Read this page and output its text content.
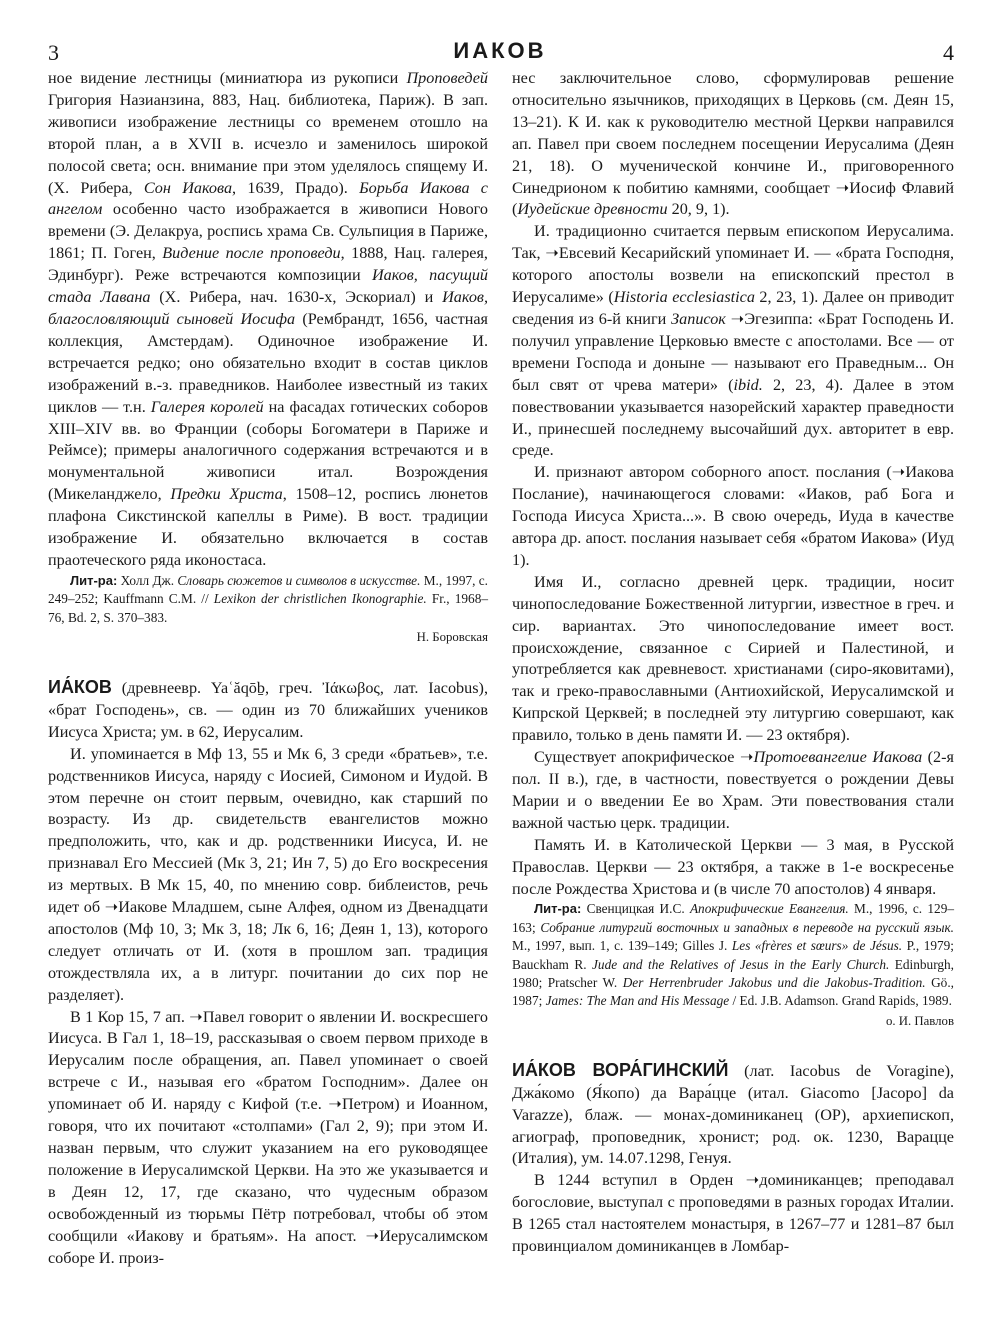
3	ИАКОВ	4

ное видение лестницы (миниатюра из рукописи Проповедей Григория Назианзина, 883, Нац. библиотека, Париж). В зап. живописи изображение лестницы со временем отошло на второй план, а в XVII в. исчезло и заменилось широкой полосой света; осн. внимание при этом уделялось спящему И. (Х. Рибера, Сон Иакова, 1639, Прадо). Борьба Иакова с ангелом особенно часто изображается в живописи Нового времени (Э. Делакруа, роспись храма Св. Сульпиция в Париже, 1861; П. Гоген, Видение после проповеди, 1888, Нац. галерея, Эдинбург). Реже встречаются композиции Иаков, пасущий стада Лавана (Х. Рибера, нач. 1630-х, Эскориал) и Иаков, благословляющий сыновей Иосифа (Рембрандт, 1656, частная коллекция, Амстердам). Одиночное изображение И. встречается редко; оно обязательно входит в состав циклов изображений в.-з. праведников. Наиболее известный из таких циклов — т.н. Галерея королей на фасадах готических соборов XIII–XIV вв. во Франции (соборы Богоматери в Париже и Реймсе); примеры аналогичного содержания встречаются и в монументальной живописи итал. Возрождения (Микеланджело, Предки Христа, 1508–12, роспись люнетов плафона Сикстинской капеллы в Риме). В вост. традиции изображение И. обязательно включается в состав праотеческого ряда иконостаса.

Лит-ра: Холл Дж. Словарь сюжетов и символов в искусстве. М., 1997, с. 249–252; Kauffmann C.M. // Lexikon der christlichen Ikonographie. Fr., 1968–76, Bd. 2, S. 370–383.

Н. Боровская

ИА́КОВ (древнеевр. Yaʿăqōḇ, греч. Ἰάκωβος, лат. Iacobus), «брат Господень», св. — один из 70 ближайших учеников Иисуса Христа; ум. в 62, Иерусалим.

И. упоминается в Мф 13, 55 и Мк 6, 3 среди «братьев», т.е. родственников Иисуса, наряду с Иосией, Симоном и Иудой. В этом перечне он стоит первым, очевидно, как старший по возрасту. Из др. свидетельств евангелистов можно предположить, что, как и др. родственники Иисуса, И. не признавал Его Мессией (Мк 3, 21; Ин 7, 5) до Его воскресения из мертвых. В Мк 15, 40, по мнению совр. библеистов, речь идет об ➝Иакове Младшем, сыне Алфея, одном из Двенадцати апостолов (Мф 10, 3; Мк 3, 18; Лк 6, 16; Деян 1, 13), которого следует отличать от И. (хотя в прошлом зап. традиция отождествляла их, а в литург. почитании до сих пор не разделяет).

В 1 Кор 15, 7 ап. ➝Павел говорит о явлении И. воскресшего Иисуса. В Гал 1, 18–19, рассказывая о своем первом приходе в Иерусалим после обращения, ап. Павел упоминает о своей встрече с И., называя его «братом Господним». Далее он упоминает об И. наряду с Кифой (т.е. ➝Петром) и Иоанном, говоря, что их почитают «столпами» (Гал 2, 9); при этом И. назван первым, что служит указанием на его руководящее положение в Иерусалимской Церкви. На это же указывается и в Деян 12, 17, где сказано, что чудесным образом освобожденный из тюрьмы Пётр потребовал, чтобы об этом сообщили «Иакову и братьям». На апост. ➝Иерусалимском соборе И. произ-

нес заключительное слово, сформулировав решение относительно язычников, приходящих в Церковь (см. Деян 15, 13–21). К И. как к руководителю местной Церкви направился ап. Павел при своем последнем посещении Иерусалима (Деян 21, 18). О мученической кончине И., приговоренного Синедрионом к побитию камнями, сообщает ➝Иосиф Флавий (Иудейские древности 20, 9, 1).

И. традиционно считается первым епископом Иерусалима. Так, ➝Евсевий Кесарийский упоминает И. — «брата Господня, которого апостолы возвели на епископский престол в Иерусалиме» (Historia ecclesiastica 2, 23, 1). Далее он приводит сведения из 6-й книги Записок ➝Эгезиппа: «Брат Господень И. получил управление Церковью вместе с апостолами. Все — от времени Господа и доныне — называют его Праведным... Он был свят от чрева матери» (ibid. 2, 23, 4). Далее в этом повествовании указывается назорейский характер праведности И., принесшей последнему высочайший дух. авторитет в евр. среде.

И. признают автором соборного апост. послания (➝Иакова Послание), начинающегося словами: «Иаков, раб Бога и Господа Иисуса Христа...». В свою очередь, Иуда в качестве автора др. апост. послания называет себя «братом Иакова» (Иуд 1).

Имя И., согласно древней церк. традиции, носит чинопоследование Божественной литургии, известное в греч. и сир. вариантах. Это чинопоследование имеет вост. происхождение, связанное с Сирией и Палестиной, и употребляется как древневост. христианами (сиро-яковитами), так и греко-православными (Антиохийской, Иерусалимской и Кипрской Церквей; в последней эту литургию совершают, как правило, только в день памяти И. — 23 октября).

Существует апокрифическое ➝Протоевангелие Иакова (2-я пол. II в.), где, в частности, повествуется о рождении Девы Марии и о введении Ее во Храм. Эти повествования стали важной частью церк. традиции.

Память И. в Католической Церкви — 3 мая, в Русской Православ. Церкви — 23 октября, а также в 1-е воскресенье после Рождества Христова и (в числе 70 апостолов) 4 января.

Лит-ра: Свенцицкая И.С. Апокрифические Евангелия. М., 1996, с. 129–163; Собрание литургий восточных и западных в переводе на русский язык. М., 1997, вып. 1, с. 139–149; Gilles J. Les «frères et sœurs» de Jésus. P., 1979; Bauckham R. Jude and the Relatives of Jesus in the Early Church. Edinburgh, 1980; Pratscher W. Der Herrenbruder Jakobus und die Jakobus-Tradition. Gö., 1987; James: The Man and His Message / Ed. J.B. Adamson. Grand Rapids, 1989.

о. И. Павлов

ИА́КОВ ВОРА́ГИНСКИЙ (лат. Iacobus de Voragine), Джа́комо (Я́копо) да Вара́цце (итал. Giacomo [Jacopo] da Varazze), блаж. — монах-доминиканец (OP), архиепископ, агиограф, проповедник, хронист; род. ок. 1230, Варацце (Италия), ум. 14.07.1298, Генуя.

В 1244 вступил в Орден ➝доминиканцев; преподавал богословие, выступал с проповедями в разных городах Италии. В 1265 стал настоятелем монастыря, в 1267–77 и 1281–87 был провинциалом доминиканцев в Ломбар-
